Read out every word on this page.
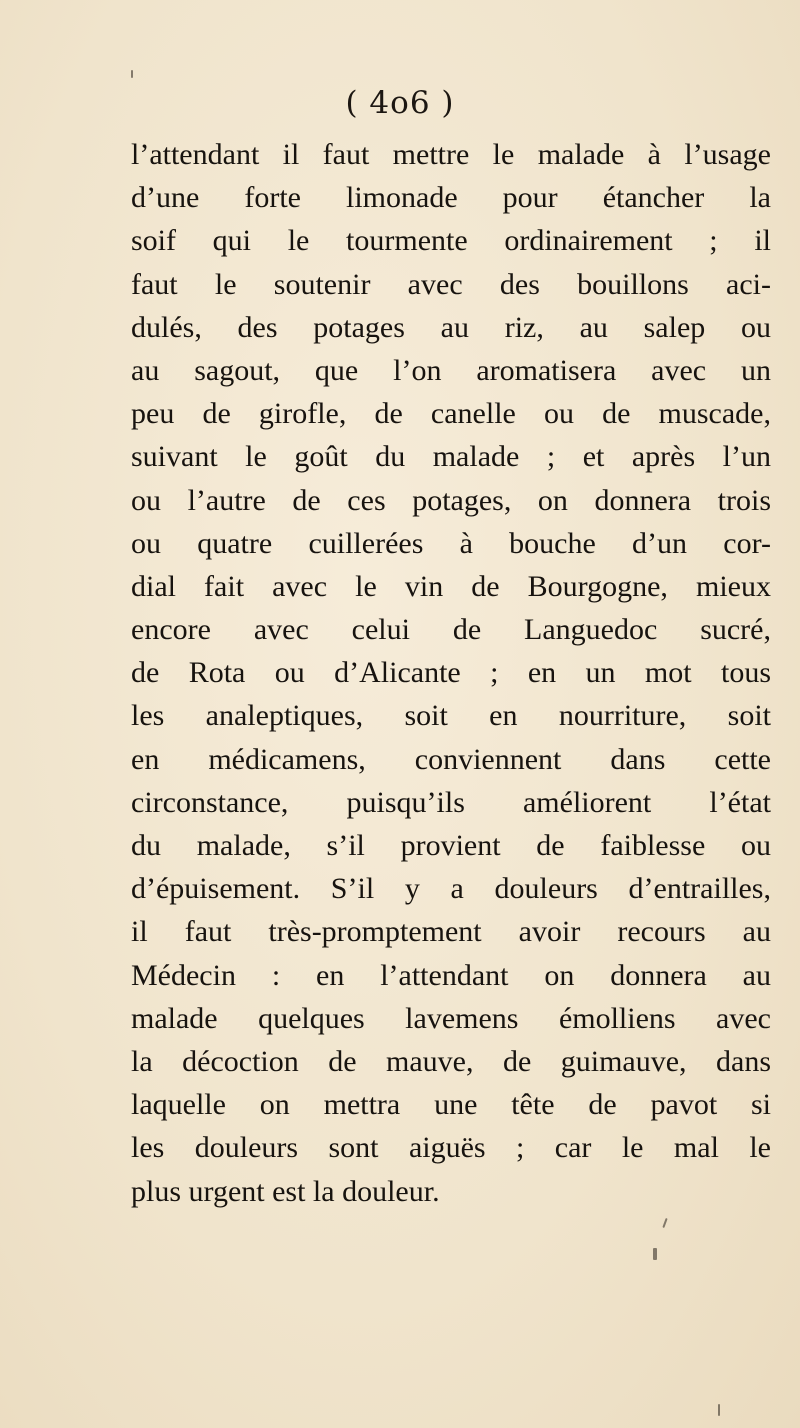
( 4o6 )
l’attendant il faut mettre le malade à l’usage
d’une forte limonade pour étancher la
soif qui le tourmente ordinairement ; il
faut le soutenir avec des bouillons aci-
dulés, des potages au riz, au salep ou
au sagout, que l’on aromatisera avec un
peu de girofle, de canelle ou de muscade,
suivant le goût du malade ; et après l’un
ou l’autre de ces potages, on donnera trois
ou quatre cuillerées à bouche d’un cor-
dial fait avec le vin de Bourgogne, mieux
encore avec celui de Languedoc sucré,
de Rota ou d’Alicante ; en un mot tous
les analeptiques, soit en nourriture, soit
en médicamens, conviennent dans cette
circonstance, puisqu’ils améliorent l’état
du malade, s’il provient de faiblesse ou
d’épuisement. S’il y a douleurs d’entrailles,
il faut très-promptement avoir recours au
Médecin : en l’attendant on donnera au
malade quelques lavemens émolliens avec
la décoction de mauve, de guimauve, dans
laquelle on mettra une tête de pavot si
les douleurs sont aiguës ; car le mal le
plus urgent est la douleur.
